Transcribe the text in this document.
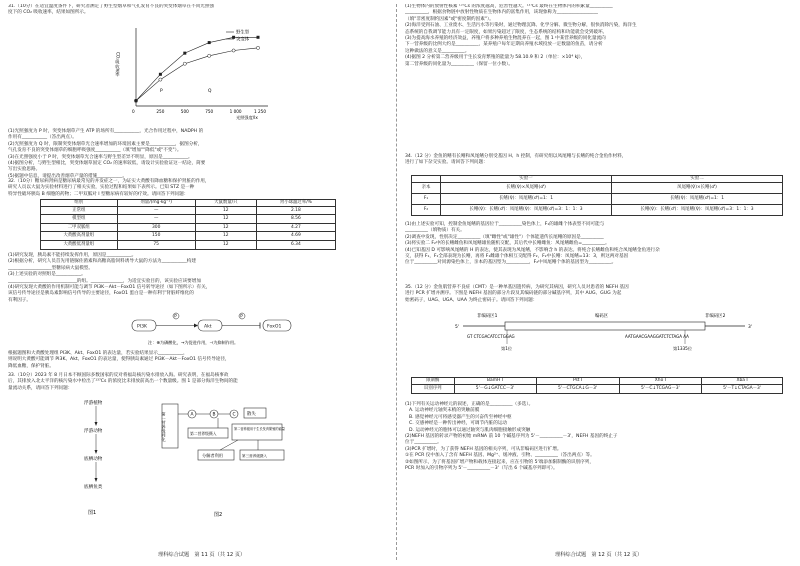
31.（10分）在适宜温度条件下，研究者测定了野生型烟草和气孔发育不良的突变体烟草在不同光照强

度下的 CO₂ 吸收速率，结果如图所示。

CO₂吸收速率
光照强度/lx
0	250	500	750	1 000	1 250
野生型
突变体
P	Q

(1)光照强度为 P 时，突变体烟草产生 ATP 的场所有___________，光合作用过程中，NADPH 的

作用有___________（答出两点）。

(2)光照强度为 Q 时，限制突变体烟草光合速率增加的环境因素主要是___________，据图分析，

气孔发育不良的突变体烟草的细胞呼吸强度___________（填"增加""降低"或"不变"）。

(3)在光照强度小于 P 时，突变体烟草光合速率与野生型差异不明显，原因是___________。

(4)据图分析，与野生型相比，突变体烟草固定 CO₂ 的速率较低，请设计实验验证这一结论，简要

写出实验思路。

(5)据题中信息，请提出改善烟草产量的措施___________。

32.（10分）糖尿病肾病是糖尿病最常见的并发症之一，为证实大黄酸有降血糖和保护肾脏的作用，

研究人员以大鼠为实验材料进行了相关实验，实验过程和结果如下表所示。已知 STZ 是一种

特异性破坏胰岛 B 细胞的药物；二甲双胍对 I 型糖尿病有较好的疗效。请回答下列问题：

组别	剂量/(mg·kg⁻¹)	大鼠数量/只	肾小球滤过率/%
正常组	—	12	2.18
模型组	—	12	8.56
二甲双胍组	300	12	4.27
大黄酸高剂量组	150	12	4.69
大黄酸低剂量组	75	12	6.34

(1)研究发现，胰岛素不能持续发挥作用，原因是___________。

(2)根据分析，研究人员首先用链脲佐菌素和高糖高脂饲料诱导大鼠的方法为___________构建

___________________型糖尿病大鼠模型。

(3)上述实验的对照组是___________。

______________________________的组。______________，为适宜实验目的，该实验应该要增加

(4)研究发现大黄酸的作用机制可能与调节 PI3K－Akt－FoxO1 信号转导途径（如下图所示）有关，

该信号传导途径是胰岛素影响信号传导的主要途径，FoxO1 蛋白是一种有利于肾脏纤维化的

有利因子。

PI3K
P
Akt
P
FoxO1
注：⊕为磷酸化，→为促进作用，⊣为抑制作用。

根据题图和大黄酸处理组 PI3K、Akt、FoxO1 的表达量，若实验结果显示___________，

则说明大黄酸可能调节 PI3K、Akt、FoxO1 的表达量，使得胰岛素通过 PI3K－Akt－FoxO1 信号传导途径，

降低血糖，保护肾脏。

33.（10分）2023 年 8 月日本不顾国际多数国家的反对将福岛核污染水排放入海。研究表明，在福岛核事故

后，其排放入北太平洋的核污染水中检出了¹³⁷Cs 的浓度比未排放前高出一个数量级。图 1 是部分海洋生物间的能

量流动关系，请回答下列问题：

浮游植物
浮游动物
底栖动物
底栖鱼类
图1
第一营养级同化	A	B	C	散失
第二营养级摄入
第二营养级用于生长发育繁殖的能量
分解者利用	第三营养级摄入
图2
理科综合试题　第 11 页（共 12 页）

(1)生物体内的放射性核素 ¹³⁷Cs 的浓度越高，危害性越大。¹³⁷Cs 最终在生物体内的积累量__________

__________，根据食物链中放射性物质在生物体内的富集作用，该现象称为__________________

（填"非密度制约因素"或"密度制约因素"）。

(2)海洋受到石油、工业废水、生活污水等污染时，通过物理沉降、化学分解、微生物分解，很快消除污染，海洋生

态系统的自我调节能力具有一定限度，如果污染超过了限度，生态系统的结构和功能就会受到破坏。

(3)为提高海水养殖的经济效益，养殖户将多种养殖生物混养在一起，图 1 中某营养级的同化量流向

下一营养级的比例大约是__________，某养殖户每年定期向养殖水域投放一定数量的鱼苗，请分析

这种做法的意义是__________。

(4)据图 2 分析第二营养级用于生长发育繁殖的能量为 58.10.9 和 2（单位：×10⁴ kJ），

第二营养级的同化量为__________（保留一位小数）。

34.（12 分）金鱼的鳍有长鳍和凤尾鳍分别受基因 H、h 控制，有研究组以凤尾鳍与长鳍的纯合金鱼作材料，

进行了如下杂交实验。请回答下列问题：

	实验一	实验二
亲本	长鳍(♀)×凤尾鳍(♂)	凤尾鳍(♀)×长鳍(♂)
F₁	长鳍(♀)：凤尾鳍(♂)=1：1	长鳍(♀)：凤尾鳍(♂)=1：1
F₂	长鳍(♀)：长鳍(♂)：凤尾鳍(♀)：凤尾鳍(♂)=3：1：1：3	长鳍(♀)：长鳍(♂)：凤尾鳍(♀)：凤尾鳍(♂)=3：1：1：3

(1)由上述实验可知，控制金鱼尾鳍的基因位于__________染色体上，F₁的雄雌个体表型不同可能与

__________（填物质）有关。

(2)调查中发现，性别决定__________（填"雌性"或"雄性"）个体能遗传长尾鳍的原因是__________

(3)将实验二 F₂中的长鳍雌鱼和凤尾鳍雄鱼随机交配，其后代中长鳍雌鱼：凤尾鳍雌鱼=__________。

(4)已知基因 D 可影响凤尾鳍的 H 的表达，使其表现为凤尾鳍，不影响含 h 的表达。将纯合长鳍雌鱼和纯合凤尾鳍金鱼进行杂

交，获得 F₁，F₁全部表现为长鳍，再将 F₁雌雄个体相互交配得 F₂，F₂中长鳍：凤尾鳍=13：3，则这两对基因

位于__________对同源染色体上，亲本的基因型为__________，F₂中凤尾鳍个体的基因型为__________。

35.（12 分）金鱼肌营养不良症（CMT）是一种单基因遗传病，为研究其病因，研究人员对患者的 NEFH 基因

进行 PCR 扩增并测序。下图是 NEFH 基因的部分片段及其编码链的部分碱基序列，其中 AUG、GUG 为起

始密码子，UAG、UGA、UAA 为终止密码子。请回答下列问题：

非编码区1	编码区	非编码区2
5'	3'
GT CTCGACATCCTGGAG	AATGAACGAAGGATCTCTAGA AA
第1位	第1335位
限制酶	BamH Ⅰ	Pst Ⅰ	Xho Ⅰ	Xba Ⅰ
识别序列	5'－G↓GATCC－3'	5'－CTGCA↓G－3'	5'－C↓TCGAG－3'	5'－T↓CTAGA－3'

(1)下列有关运动神经元的叙述，正确的是__________（多选）。

A. 运动神经元轴突末梢的突触前膜

B. 感觉神经元可将感受器产生的兴奋传至神经中枢

C. 交感神经是一种传出神经，可调节内脏的运动

D. 运动神经元的胞体可以通过轴突与肌肉细胞接触形成突触

(2)NEFH 基因的转录产物的初始 mRNA 前 10 个碱基序列为 5'－__________－3'，NEFH 基因的终止子

位于__________。

(3)PCR 扩增时，为了获得 NEFH 基因的相关序列，可从非编码区进行扩增。

①在 PCR 仪中加入了含有 NEFH 基因、Mg²⁺、缓冲液、引物、__________（答出两点）等。

②如图所示，为了将基因扩增产物和载体连接起来，应在引物的 5'端添加限制酶的识别序列，

PCR 时加入的引物序列为 5'－__________－3'（写出 6 个碱基序列即可）。

理科综合试题　第 12 页（共 12 页）
